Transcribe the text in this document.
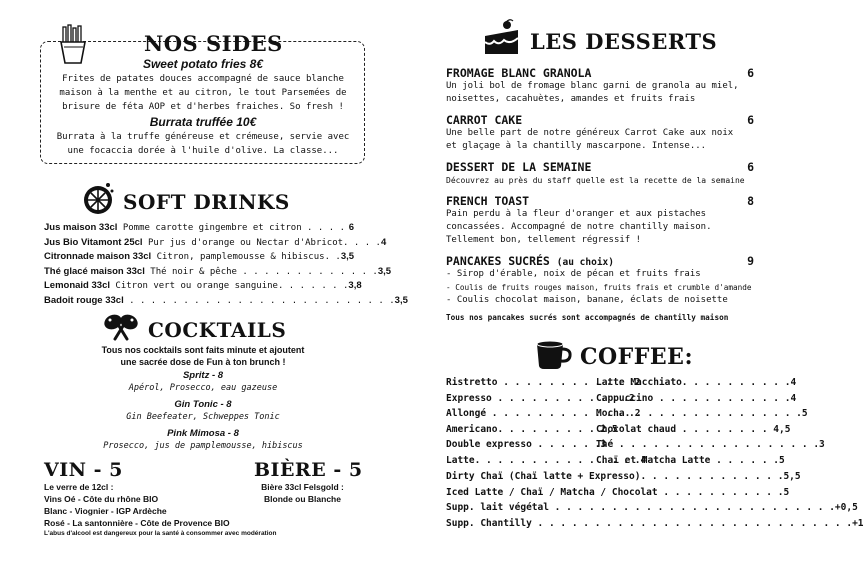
NOS SIDES
Sweet potato fries 8€
Frites de patates douces accompagné de sauce blanche
maison à la menthe et au citron, le tout Parsemées de
brisure de féta AOP et d'herbes fraiches. So fresh !
Burrata truffée 10€
Burrata à la truffe généreuse et crémeuse, servie avec
une focaccia dorée à l'huile d'olive. La classe...
SOFT DRINKS
Jus maison 33cl Pomme carotte gingembre et citron . . . . 6
Jus Bio Vitamont 25cl Pur jus d'orange ou Nectar d'Abricot. . . . 4
Citronnade maison 33cl Citron, pamplemousse & hibiscus. . 3,5
Thé glacé maison 33cl Thé noir & pêche . . . . . . . . . . . . . 3,5
Lemonaid 33cl Citron vert ou orange sanguine. . . . . . . 3,8
Badoit rouge 33cl . . . . . . . . . . . . . . . . . . . . . . . . . 3,5
COCKTAILS
Tous nos cocktails sont faits minute et ajoutent
une sacrée dose de Fun à ton brunch !
Spritz - 8
Apérol, Prosecco, eau gazeuse
Gin Tonic - 8
Gin Beefeater, Schweppes Tonic
Pink Mimosa - 8
Prosecco, jus de pamplemousse, hibiscus
VIN - 5
Le verre de 12cl :
Vins Oé - Côte du rhône BIO
Blanc - Viognier - IGP Ardèche
Rosé - La santonnière - Côte de Provence BIO
L'abus d'alcool est dangereux pour la santé à consommer avec modération
BIÈRE - 5
Bière 33cl Felsgold :
Blonde ou Blanche
LES DESSERTS
FROMAGE BLANC GRANOLA	6
Un joli bol de fromage blanc garni de granola au miel,
noisettes, cacahuètes, amandes et fruits frais
CARROT CAKE	6
Une belle part de notre généreux Carrot Cake aux noix
et glaçage à la chantilly mascarpone. Intense...
DESSERT DE LA SEMAINE	6
Découvrez au près du staff quelle est la recette de la semaine
FRENCH TOAST	8
Pain perdu à la fleur d'oranger et aux pistaches
concassées. Accompagné de notre chantilly maison.
Tellement bon, tellement régressif !
PANCAKES SUCRÉS (au choix)	9
- Sirop d'érable, noix de pécan et fruits frais
- Coulis de fruits rouges maison, fruits frais et crumble d'amande
- Coulis chocolat maison, banane, éclats de noisette
Tous nos pancakes sucrés sont accompagnés de chantilly maison
COFFEE:
Ristretto . . . . . . . . . . . .2
Expresso . . . . . . . . . . . .2
Allongé . . . . . . . . . . . . .2
Americano. . . . . . . . . 2,5
Double expresso . . . . . .3
Latte. . . . . . . . . . . . . . .4
Latte Macchiato. . . . . . . . . .4
Cappuccino . . . . . . . . . . . .4
Mocha. . . . . . . . . . . . . . . .5
Chocolat chaud . . . . . . . . 4,5
Thé . . . . . . . . . . . . . . . . . .3
Chaï et Matcha Latte . . . . . .5
Dirty Chaï (Chaï latte + Expresso). . . . . . . . . . . . .5,5
Iced Latte / Chaï / Matcha / Chocolat . . . . . . . . . . .5
Supp. lait végétal . . . . . . . . . . . . . . . . . . . . . . . . .+0,5
Supp. Chantilly . . . . . . . . . . . . . . . . . . . . . . . . . . . .+1
